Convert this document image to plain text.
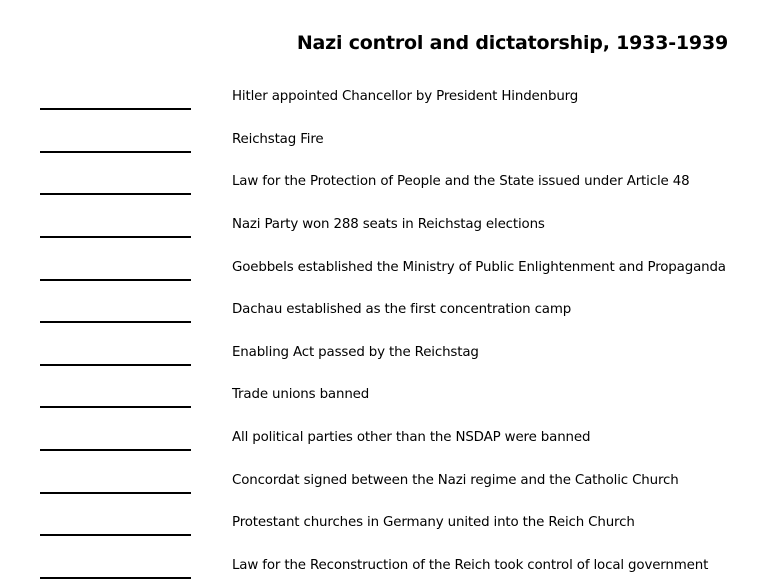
Nazi control and dictatorship, 1933-1939
Hitler appointed Chancellor by President Hindenburg
Reichstag Fire
Law for the Protection of People and the State issued under Article 48
Nazi Party won 288 seats in Reichstag elections
Goebbels established the Ministry of Public Enlightenment and Propaganda
Dachau established as the first concentration camp
Enabling Act passed by the Reichstag
Trade unions banned
All political parties other than the NSDAP were banned
Concordat signed between the Nazi regime and the Catholic Church
Protestant churches in Germany united into the Reich Church
Law for the Reconstruction of the Reich took control of local government
